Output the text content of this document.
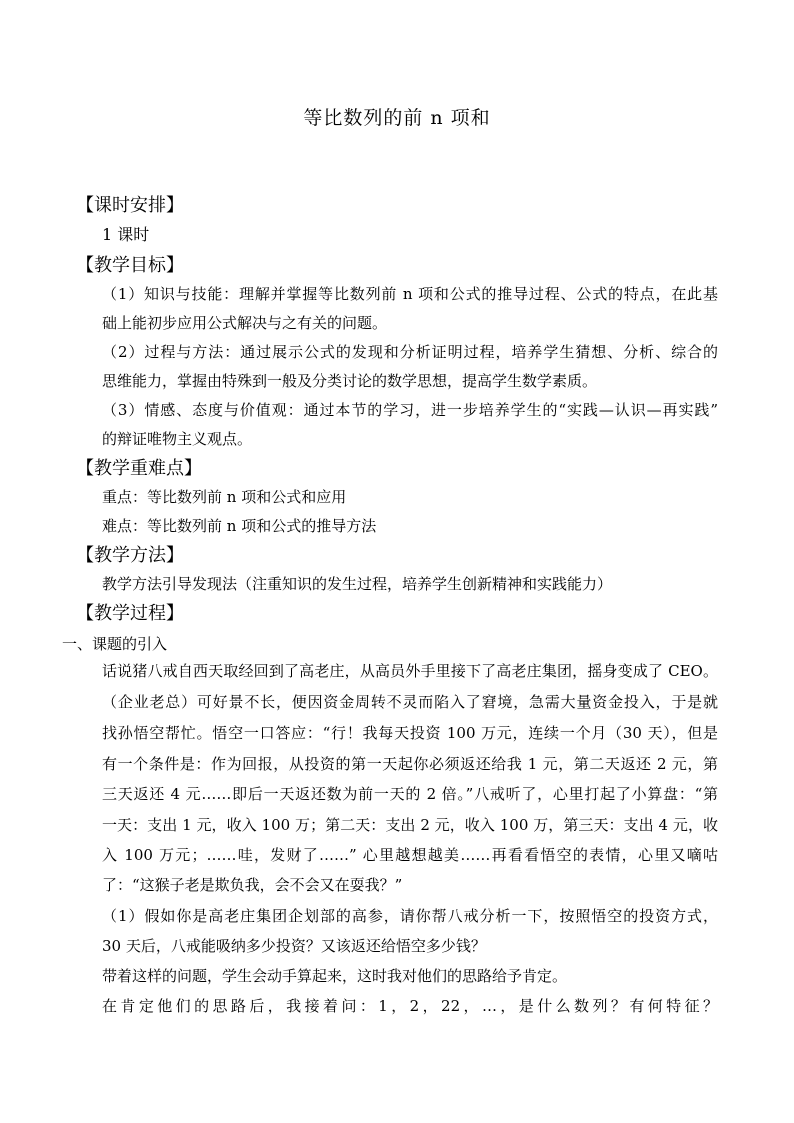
等比数列的前 n 项和
【课时安排】
1 课时
【教学目标】
（1）知识与技能：理解并掌握等比数列前 n 项和公式的推导过程、公式的特点，在此基
础上能初步应用公式解决与之有关的问题。
（2）过程与方法：通过展示公式的发现和分析证明过程，培养学生猜想、分析、综合的
思维能力，掌握由特殊到一般及分类讨论的数学思想，提高学生数学素质。
（3）情感、态度与价值观：通过本节的学习，进一步培养学生的“实践—认识—再实践”
的辩证唯物主义观点。
【教学重难点】
重点：等比数列前 n 项和公式和应用
难点：等比数列前 n 项和公式的推导方法
【教学方法】
教学方法引导发现法（注重知识的发生过程，培养学生创新精神和实践能力）
【教学过程】
一、课题的引入
话说猪八戒自西天取经回到了高老庄，从高员外手里接下了高老庄集团，摇身变成了 CEO。
（企业老总）可好景不长，便因资金周转不灵而陷入了窘境，急需大量资金投入，于是就
找孙悟空帮忙。悟空一口答应：“行！我每天投资 100 万元，连续一个月（30 天），但是
有一个条件是：作为回报，从投资的第一天起你必须返还给我 1 元，第二天返还 2 元，第
三天返还 4 元……即后一天返还数为前一天的 2 倍。”八戒听了，心里打起了小算盘：“第
一天：支出 1 元，收入 100 万；第二天：支出 2 元，收入 100 万，第三天：支出 4 元，收
入 100 万元；……哇，发财了……” 心里越想越美……再看看悟空的表情，心里又嘀咕
了：“这猴子老是欺负我，会不会又在耍我？”
（1）假如你是高老庄集团企划部的高参，请你帮八戒分析一下，按照悟空的投资方式，
30 天后，八戒能吸纳多少投资？又该返还给悟空多少钱？
带着这样的问题，学生会动手算起来，这时我对他们的思路给予肯定。
在肯定他们的思路后，我接着问：1，2，22，…，是什么数列？有何特征？
